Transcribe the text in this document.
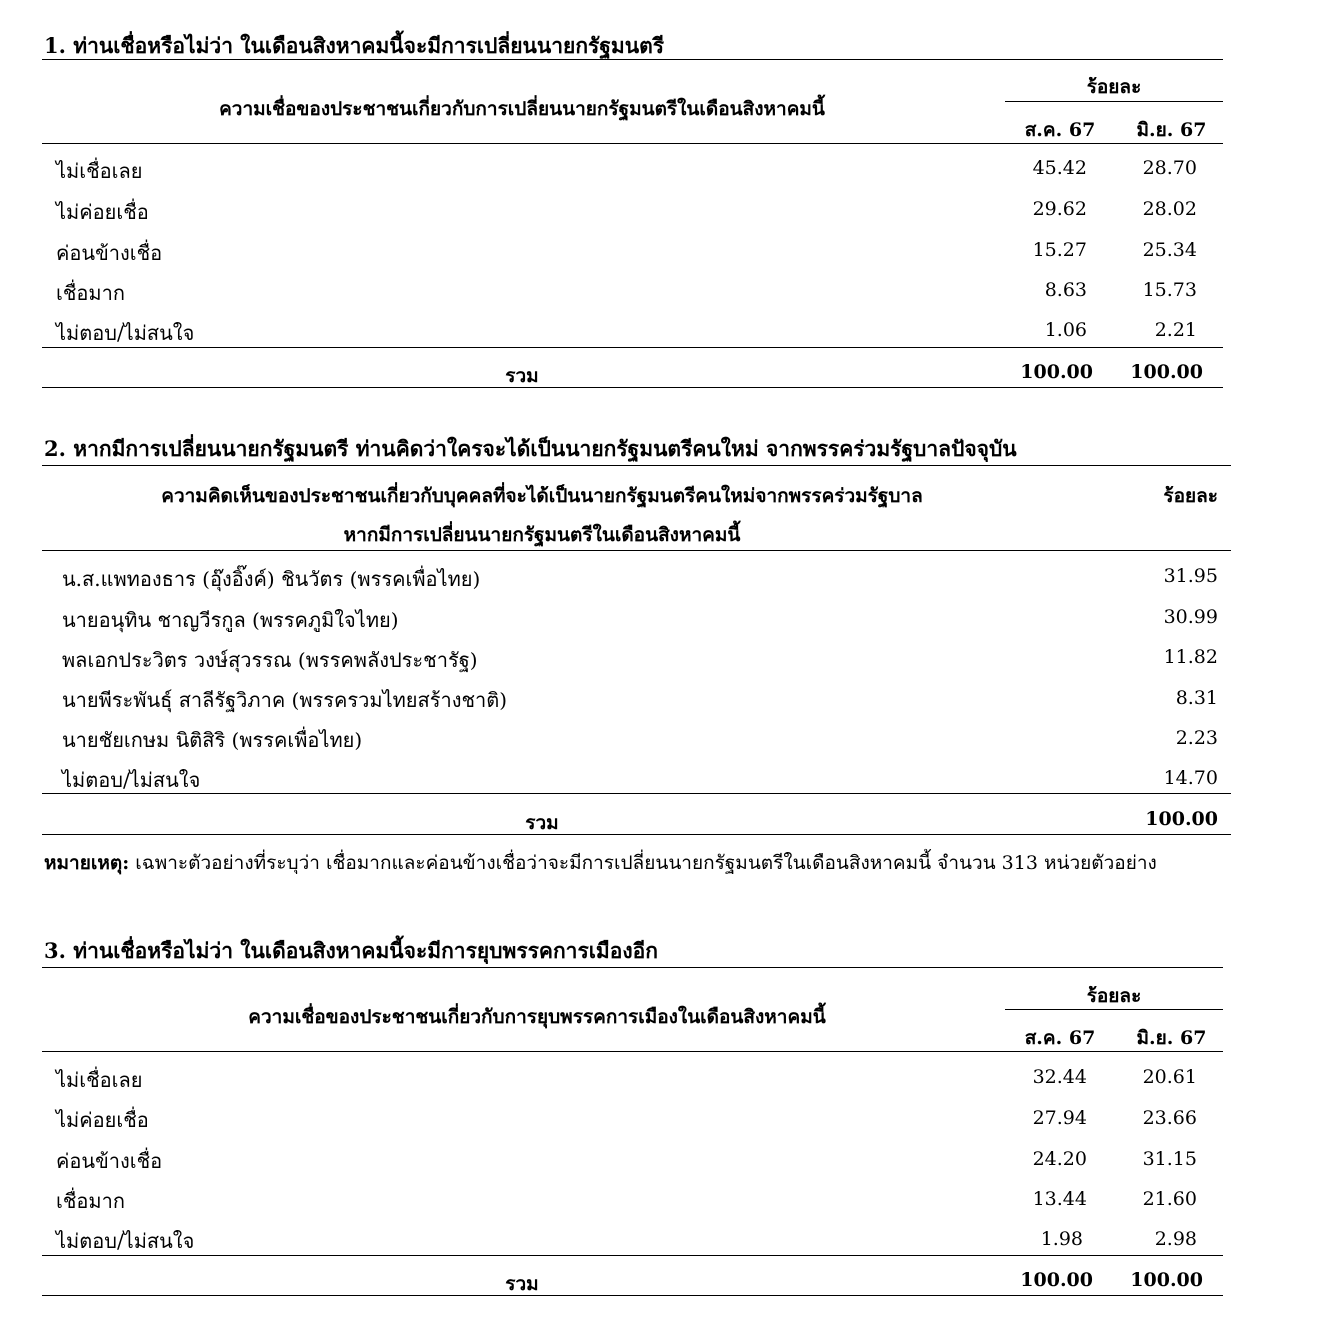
1. ท่านเชื่อหรือไม่ว่า ในเดือนสิงหาคมนี้จะมีการเปลี่ยนนายกรัฐมนตรี
ความเชื่อของประชาชนเกี่ยวกับการเปลี่ยนนายกรัฐมนตรีในเดือนสิงหาคมนี้
ร้อยละ
ส.ค. 67	มิ.ย. 67
ไม่เชื่อเลย	45.42	28.70
ไม่ค่อยเชื่อ	29.62	28.02
ค่อนข้างเชื่อ	15.27	25.34
เชื่อมาก	8.63	15.73
ไม่ตอบ/ไม่สนใจ	1.06	2.21
รวม	100.00	100.00
2. หากมีการเปลี่ยนนายกรัฐมนตรี ท่านคิดว่าใครจะได้เป็นนายกรัฐมนตรีคนใหม่ จากพรรคร่วมรัฐบาลปัจจุบัน
ความคิดเห็นของประชาชนเกี่ยวกับบุคคลที่จะได้เป็นนายกรัฐมนตรีคนใหม่จากพรรคร่วมรัฐบาล
หากมีการเปลี่ยนนายกรัฐมนตรีในเดือนสิงหาคมนี้
ร้อยละ
น.ส.แพทองธาร (อุ๊งอิ๊งค์) ชินวัตร (พรรคเพื่อไทย)	31.95
นายอนุทิน ชาญวีรกูล (พรรคภูมิใจไทย)	30.99
พลเอกประวิตร วงษ์สุวรรณ (พรรคพลังประชารัฐ)	11.82
นายพีระพันธุ์ สาลีรัฐวิภาค (พรรครวมไทยสร้างชาติ)	8.31
นายชัยเกษม นิติสิริ (พรรคเพื่อไทย)	2.23
ไม่ตอบ/ไม่สนใจ	14.70
รวม	100.00
หมายเหตุ: เฉพาะตัวอย่างที่ระบุว่า เชื่อมากและค่อนข้างเชื่อว่าจะมีการเปลี่ยนนายกรัฐมนตรีในเดือนสิงหาคมนี้ จำนวน 313 หน่วยตัวอย่าง
3. ท่านเชื่อหรือไม่ว่า ในเดือนสิงหาคมนี้จะมีการยุบพรรคการเมืองอีก
ความเชื่อของประชาชนเกี่ยวกับการยุบพรรคการเมืองในเดือนสิงหาคมนี้
ร้อยละ
ส.ค. 67	มิ.ย. 67
ไม่เชื่อเลย	32.44	20.61
ไม่ค่อยเชื่อ	27.94	23.66
ค่อนข้างเชื่อ	24.20	31.15
เชื่อมาก	13.44	21.60
ไม่ตอบ/ไม่สนใจ	1.98	2.98
รวม	100.00	100.00
